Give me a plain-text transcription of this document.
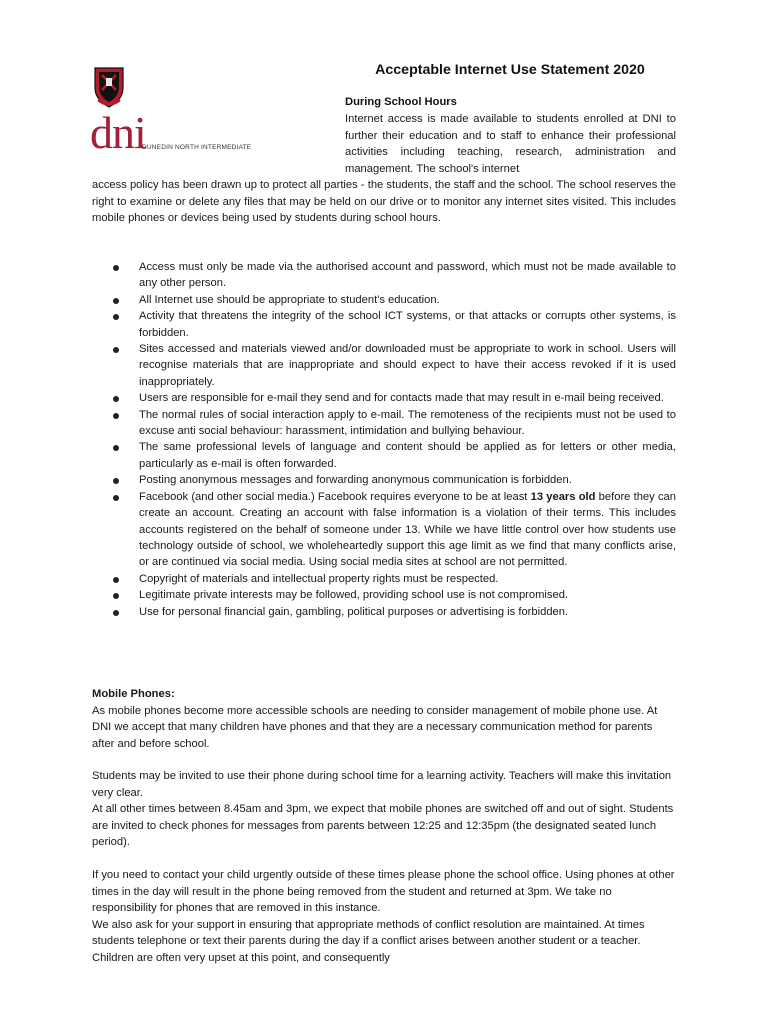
dni
DUNEDIN NORTH INTERMEDIATE
Acceptable Internet Use Statement 2020
During School Hours

Internet access is made available to students enrolled at DNI to further their education and to staff to enhance their professional activities including teaching, research, administration and management. The school's internet

access policy has been drawn up to protect all parties - the students, the staff and the school. The school reserves the right to examine or delete any files that may be held on our drive or to monitor any internet sites visited. This includes mobile phones or devices being used by students during school hours.

Access must only be made via the authorised account and password, which must not be made available to any other person.
All Internet use should be appropriate to student's education.
Activity that threatens the integrity of the school ICT systems, or that attacks or corrupts other systems, is forbidden.
Sites accessed and materials viewed and/or downloaded must be appropriate to work in school. Users will recognise materials that are inappropriate and should expect to have their access revoked if it is used inappropriately.
Users are responsible for e-mail they send and for contacts made that may result in e-mail being received.
The normal rules of social interaction apply to e-mail. The remoteness of the recipients must not be used to excuse anti social behaviour: harassment, intimidation and bullying behaviour.
The same professional levels of language and content should be applied as for letters or other media, particularly as e-mail is often forwarded.
Posting anonymous messages and forwarding anonymous communication is forbidden.
Facebook (and other social media.) Facebook requires everyone to be at least 13 years old before they can create an account. Creating an account with false information is a violation of their terms. This includes accounts registered on the behalf of someone under 13. While we have little control over how students use technology outside of school, we wholeheartedly support this age limit as we find that many conflicts arise, or are continued via social media. Using social media sites at school are not permitted.
Copyright of materials and intellectual property rights must be respected.
Legitimate private interests may be followed, providing school use is not compromised.
Use for personal financial gain, gambling, political purposes or advertising is forbidden.

Mobile Phones:

As mobile phones become more accessible schools are needing to consider management of mobile phone use. At DNI we accept that many children have phones and that they are a necessary communication method for parents after and before school.

Students may be invited to use their phone during school time for a learning activity. Teachers will make this invitation very clear.

At all other times between 8.45am and 3pm, we expect that mobile phones are switched off and out of sight. Students are invited to check phones for messages from parents between 12:25 and 12:35pm (the designated seated lunch period).

If you need to contact your child urgently outside of these times please phone the school office. Using phones at other times in the day will result in the phone being removed from the student and returned at 3pm. We take no responsibility for phones that are removed in this instance.

We also ask for your support in ensuring that appropriate methods of conflict resolution are maintained. At times students telephone or text their parents during the day if a conflict arises between another student or a teacher. Children are often very upset at this point, and consequently
